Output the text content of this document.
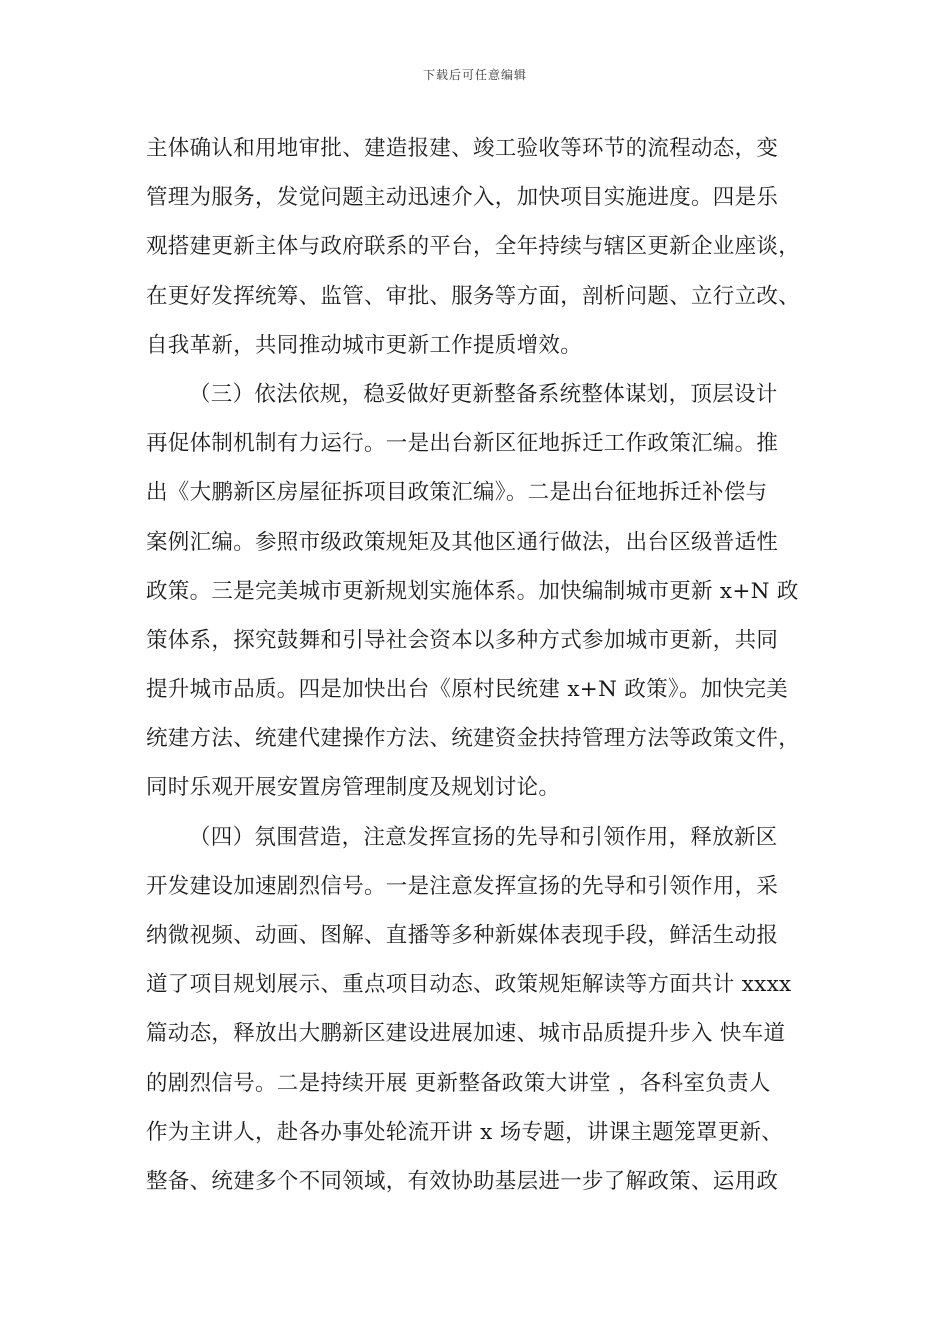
下载后可任意编辑
主体确认和用地审批、建造报建、竣工验收等环节的流程动态，变
管理为服务，发觉问题主动迅速介入，加快项目实施进度。四是乐
观搭建更新主体与政府联系的平台，全年持续与辖区更新企业座谈，
在更好发挥统筹、监管、审批、服务等方面，剖析问题、立行立改、
自我革新，共同推动城市更新工作提质增效。
（三）依法依规，稳妥做好更新整备系统整体谋划，顶层设计
再促体制机制有力运行。一是出台新区征地拆迁工作政策汇编。推
出《大鹏新区房屋征拆项目政策汇编》。二是出台征地拆迁补偿与
案例汇编。参照市级政策规矩及其他区通行做法，出台区级普适性
政策。三是完美城市更新规划实施体系。加快编制城市更新 x+N 政
策体系，探究鼓舞和引导社会资本以多种方式参加城市更新，共同
提升城市品质。四是加快出台《原村民统建 x+N 政策》。加快完美
统建方法、统建代建操作方法、统建资金扶持管理方法等政策文件，
同时乐观开展安置房管理制度及规划讨论。
（四）氛围营造，注意发挥宣扬的先导和引领作用，释放新区
开发建设加速剧烈信号。一是注意发挥宣扬的先导和引领作用，采
纳微视频、动画、图解、直播等多种新媒体表现手段，鲜活生动报
道了项目规划展示、重点项目动态、政策规矩解读等方面共计 xxxx
篇动态，释放出大鹏新区建设进展加速、城市品质提升步入 快车道
的剧烈信号。二是持续开展 更新整备政策大讲堂 ，各科室负责人
作为主讲人，赴各办事处轮流开讲 x 场专题，讲课主题笼罩更新、
整备、统建多个不同领域，有效协助基层进一步了解政策、运用政
